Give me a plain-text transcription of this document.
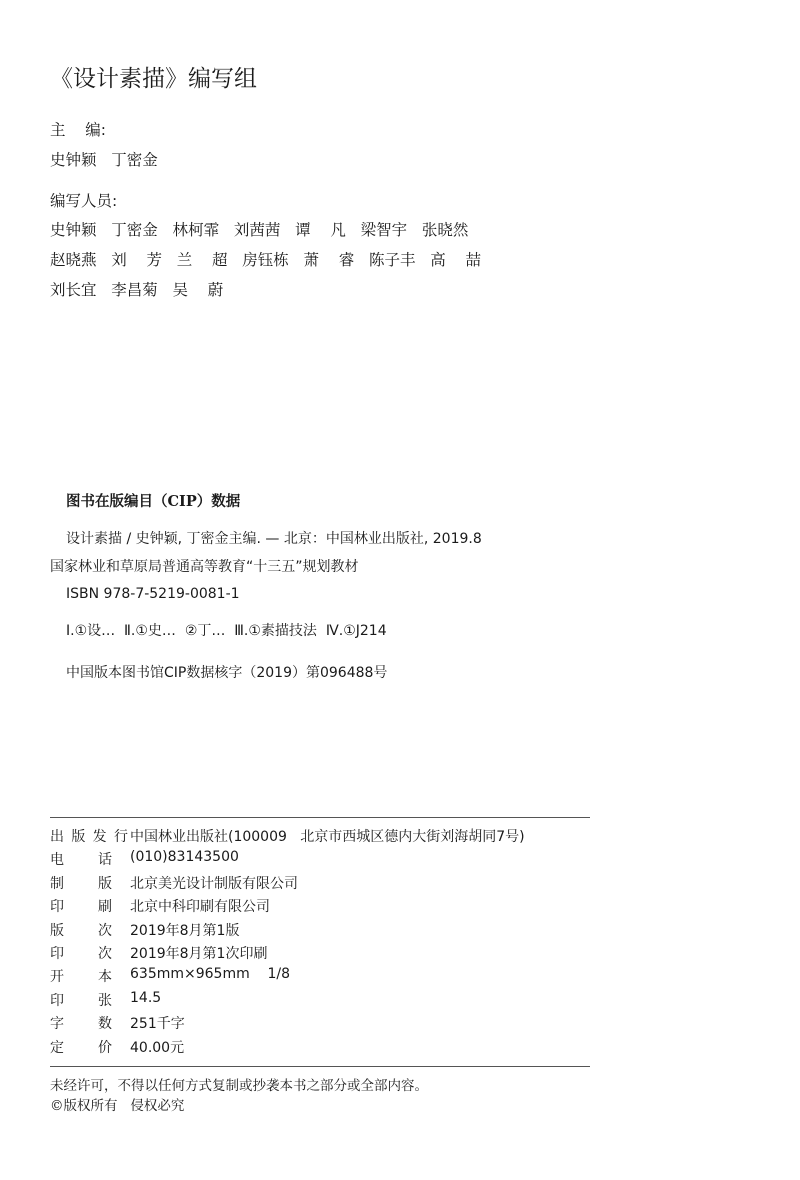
《设计素描》编写组
主    编:
史钟颖   丁密金
编写人员:
史钟颖   丁密金   林柯霏   刘茜茜   谭    凡   梁智宇   张晓然
赵晓燕   刘    芳   兰    超   房钰栋   萧    睿   陈子丰   高    喆
刘长宜   李昌菊   吴    蔚
图书在版编目（CIP）数据
设计素描 / 史钟颖, 丁密金主编. — 北京：中国林业出版社, 2019.8
国家林业和草原局普通高等教育“十三五”规划教材
ISBN 978-7-5219-0081-1
Ⅰ.①设…  Ⅱ.①史…  ②丁…  Ⅲ.①素描技法  Ⅳ.①J214
中国版本图书馆CIP数据核字（2019）第096488号
出 版 发 行 中国林业出版社(100009   北京市西城区德内大街刘海胡同7号)
电 话 (010)83143500
制 版 北京美光设计制版有限公司
印 刷 北京中科印刷有限公司
版 次 2019年8月第1版
印 次 2019年8月第1次印刷
开 本 635mm×965mm    1/8
印 张 14.5
字 数 251千字
定 价 40.00元
未经许可，不得以任何方式复制或抄袭本书之部分或全部内容。
©版权所有   侵权必究
